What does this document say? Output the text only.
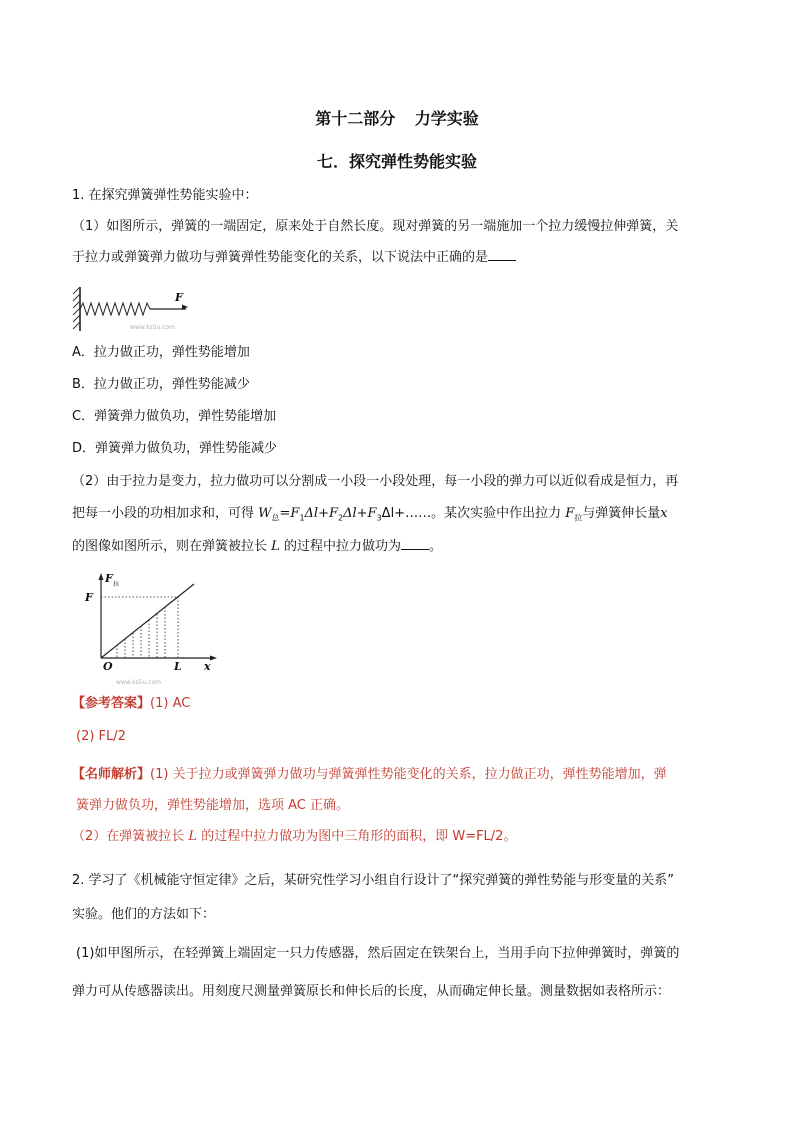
第十二部分 力学实验
七．探究弹性势能实验
1. 在探究弹簧弹性势能实验中：
（1）如图所示，弹簧的一端固定，原来处于自然长度。现对弹簧的另一端施加一个拉力缓慢拉伸弹簧，关
于拉力或弹簧弹力做功与弹簧弹性势能变化的关系，以下说法中正确的是
F
www.ks5u.com
A．拉力做正功，弹性势能增加
B．拉力做正功，弹性势能减少
C．弹簧弹力做负功，弹性势能增加
D．弹簧弹力做负功，弹性势能减少
（2）由于拉力是变力，拉力做功可以分割成一小段一小段处理，每一小段的弹力可以近似看成是恒力，再
把每一小段的功相加求和，可得 $W_总=F_1\Delta l+F_2\Delta l+F_3\Delta l+\dots\dots$。某次实验中作出拉力 $F_拉$与弹簧伸长量x
的图像如图所示，则在弹簧被拉长 L 的过程中拉力做功为 。
F 拉
F
O	L x
www.ks5u.com
【参考答案】(1) AC
(2) FL/2
【名师解析】(1) 关于拉力或弹簧弹力做功与弹簧弹性势能变化的关系，拉力做正功，弹性势能增加，弹
簧弹力做负功，弹性势能增加，选项 AC 正确。
（2）在弹簧被拉长 L 的过程中拉力做功为图中三角形的面积，即 W=FL/2。
2. 学习了《机械能守恒定律》之后，某研究性学习小组自行设计了“探究弹簧的弹性势能与形变量的关系”
实验。他们的方法如下：
(1)如甲图所示，在轻弹簧上端固定一只力传感器，然后固定在铁架台上，当用手向下拉伸弹簧时，弹簧的
弹力可从传感器读出。用刻度尺测量弹簧原长和伸长后的长度，从而确定伸长量。测量数据如表格所示：
